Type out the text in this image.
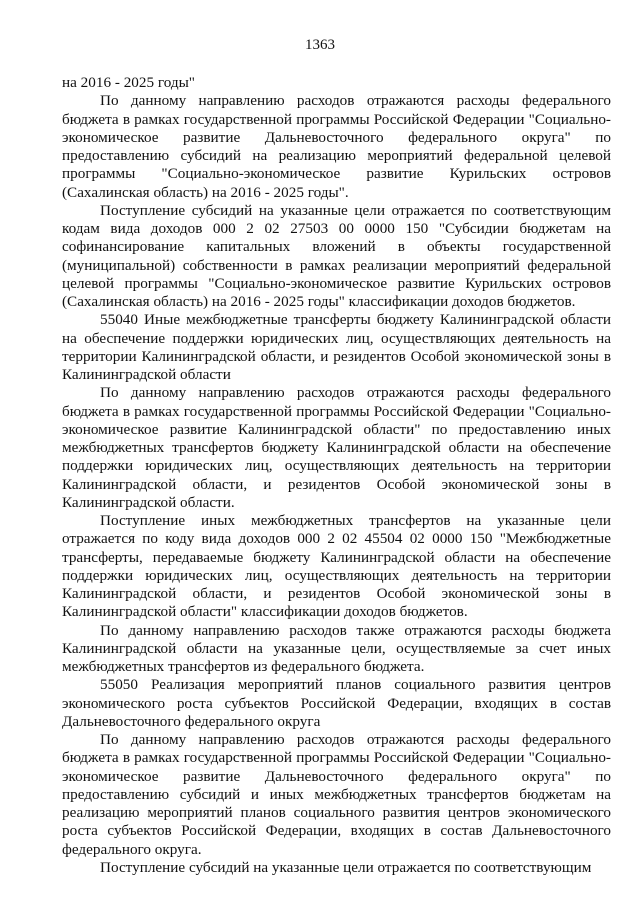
1363

на 2016 - 2025 годы"

По данному направлению расходов отражаются расходы федерального бюджета в рамках государственной программы Российской Федерации "Социально-экономическое развитие Дальневосточного федерального округа" по предоставлению субсидий на реализацию мероприятий федеральной целевой программы "Социально-экономическое развитие Курильских островов (Сахалинская область) на 2016 - 2025 годы".

Поступление субсидий на указанные цели отражается по соответствующим кодам вида доходов 000 2 02 27503 00 0000 150 "Субсидии бюджетам на софинансирование капитальных вложений в объекты государственной (муниципальной) собственности в рамках реализации мероприятий федеральной целевой программы "Социально-экономическое развитие Курильских островов (Сахалинская область) на 2016 - 2025 годы" классификации доходов бюджетов.

55040 Иные межбюджетные трансферты бюджету Калининградской области на обеспечение поддержки юридических лиц, осуществляющих деятельность на территории Калининградской области, и резидентов Особой экономической зоны в Калининградской области

По данному направлению расходов отражаются расходы федерального бюджета в рамках государственной программы Российской Федерации "Социально-экономическое развитие Калининградской области" по предоставлению иных межбюджетных трансфертов бюджету Калининградской области на обеспечение поддержки юридических лиц, осуществляющих деятельность на территории Калининградской области, и резидентов Особой экономической зоны в Калининградской области.

Поступление иных межбюджетных трансфертов на указанные цели отражается по коду вида доходов 000 2 02 45504 02 0000 150 "Межбюджетные трансферты, передаваемые бюджету Калининградской области на обеспечение поддержки юридических лиц, осуществляющих деятельность на территории Калининградской области, и резидентов Особой экономической зоны в Калининградской области" классификации доходов бюджетов.

По данному направлению расходов также отражаются расходы бюджета Калининградской области на указанные цели, осуществляемые за счет иных межбюджетных трансфертов из федерального бюджета.

55050 Реализация мероприятий планов социального развития центров экономического роста субъектов Российской Федерации, входящих в состав Дальневосточного федерального округа

По данному направлению расходов отражаются расходы федерального бюджета в рамках государственной программы Российской Федерации "Социально-экономическое развитие Дальневосточного федерального округа" по предоставлению субсидий и иных межбюджетных трансфертов бюджетам на реализацию мероприятий планов социального развития центров экономического роста субъектов Российской Федерации, входящих в состав Дальневосточного федерального округа.

Поступление субсидий на указанные цели отражается по соответствующим
